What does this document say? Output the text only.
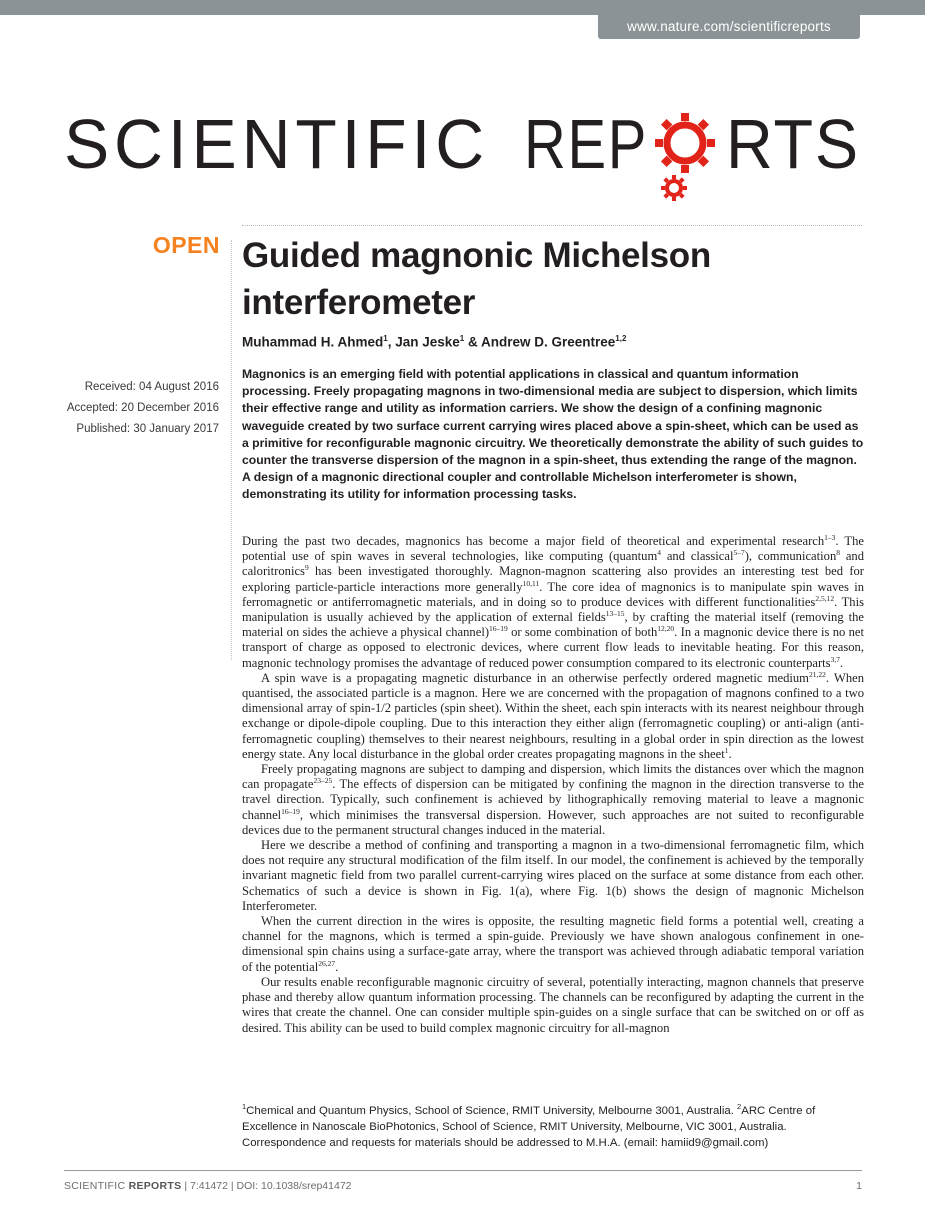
www.nature.com/scientificreports
SCIENTIFIC REP RTS
OPEN Guided magnonic Michelson interferometer
Muhammad H. Ahmed$^1$, Jan Jeske$^1$ & Andrew D. Greentree$^{1,2}$
Received: 04 August 2016
Accepted: 20 December 2016
Published: 30 January 2017
Magnonics is an emerging field with potential applications in classical and quantum information processing. Freely propagating magnons in two-dimensional media are subject to dispersion, which limits their effective range and utility as information carriers. We show the design of a confining magnonic waveguide created by two surface current carrying wires placed above a spin-sheet, which can be used as a primitive for reconfigurable magnonic circuitry. We theoretically demonstrate the ability of such guides to counter the transverse dispersion of the magnon in a spin-sheet, thus extending the range of the magnon. A design of a magnonic directional coupler and controllable Michelson interferometer is shown, demonstrating its utility for information processing tasks.

During the past two decades, magnonics has become a major field of theoretical and experimental research$^{1-3}$. The potential use of spin waves in several technologies, like computing (quantum$^4$ and classical$^{5-7}$), communication$^8$ and caloritronics$^9$ has been investigated thoroughly. Magnon-magnon scattering also provides an interesting test bed for exploring particle-particle interactions more generally$^{10,11}$. The core idea of magnonics is to manipulate spin waves in ferromagnetic or antiferromagnetic materials, and in doing so to produce devices with different functionalities$^{2,5,12}$. This manipulation is usually achieved by the application of external fields$^{13-15}$, by crafting the material itself (removing the material on sides the achieve a physical channel)$^{16-19}$ or some combination of both$^{12,20}$. In a magnonic device there is no net transport of charge as opposed to electronic devices, where current flow leads to inevitable heating. For this reason, magnonic technology promises the advantage of reduced power consumption compared to its electronic counterparts$^{3,7}$.

A spin wave is a propagating magnetic disturbance in an otherwise perfectly ordered magnetic medium$^{21,22}$. When quantised, the associated particle is a magnon. Here we are concerned with the propagation of magnons confined to a two dimensional array of spin-1/2 particles (spin sheet). Within the sheet, each spin interacts with its nearest neighbour through exchange or dipole-dipole coupling. Due to this interaction they either align (ferromagnetic coupling) or anti-align (anti-ferromagnetic coupling) themselves to their nearest neighbours, resulting in a global order in spin direction as the lowest energy state. Any local disturbance in the global order creates propagating magnons in the sheet$^1$.

Freely propagating magnons are subject to damping and dispersion, which limits the distances over which the magnon can propagate$^{23-25}$. The effects of dispersion can be mitigated by confining the magnon in the direction transverse to the travel direction. Typically, such confinement is achieved by lithographically removing material to leave a magnonic channel$^{16-19}$, which minimises the transversal dispersion. However, such approaches are not suited to reconfigurable devices due to the permanent structural changes induced in the material.

Here we describe a method of confining and transporting a magnon in a two-dimensional ferromagnetic film, which does not require any structural modification of the film itself. In our model, the confinement is achieved by the temporally invariant magnetic field from two parallel current-carrying wires placed on the surface at some distance from each other. Schematics of such a device is shown in Fig. 1(a), where Fig. 1(b) shows the design of magnonic Michelson Interferometer.

When the current direction in the wires is opposite, the resulting magnetic field forms a potential well, creating a channel for the magnons, which is termed a spin-guide. Previously we have shown analogous confinement in one-dimensional spin chains using a surface-gate array, where the transport was achieved through adiabatic temporal variation of the potential$^{26,27}$.

Our results enable reconfigurable magnonic circuitry of several, potentially interacting, magnon channels that preserve phase and thereby allow quantum information processing. The channels can be reconfigured by adapting the current in the wires that create the channel. One can consider multiple spin-guides on a single surface that can be switched on or off as desired. This ability can be used to build complex magnonic circuitry for all-magnon

$^1$Chemical and Quantum Physics, School of Science, RMIT University, Melbourne 3001, Australia. $^2$ARC Centre of Excellence in Nanoscale BioPhotonics, School of Science, RMIT University, Melbourne, VIC 3001, Australia.
Correspondence and requests for materials should be addressed to M.H.A. (email: hamiid9@gmail.com)
SCIENTIFIC REPORTS | 7:41472 | DOI: 10.1038/srep41472	1
